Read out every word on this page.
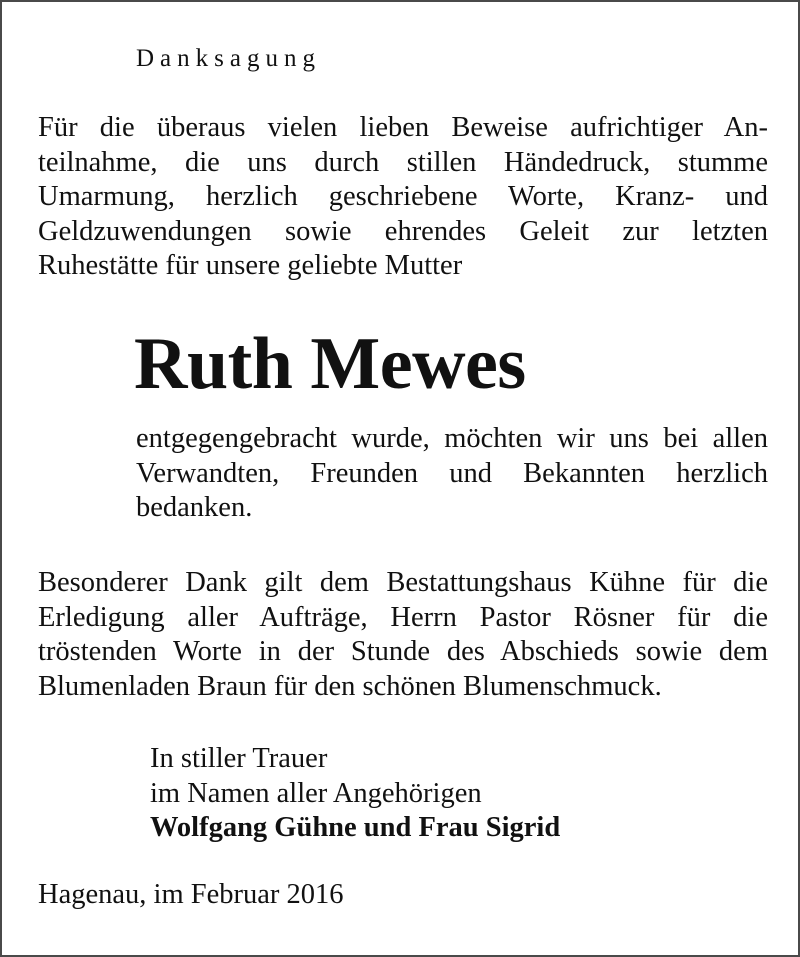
Danksagung
Für die überaus vielen lieben Beweise aufrichtiger An-
teilnahme, die uns durch stillen Händedruck, stumme
Umarmung, herzlich geschriebene Worte, Kranz- und
Geldzuwendungen sowie ehrendes Geleit zur letzten
Ruhestätte für unsere geliebte Mutter
Ruth Mewes
entgegengebracht wurde, möchten wir uns bei allen
Verwandten, Freunden und Bekannten herzlich
bedanken.
Besonderer Dank gilt dem Bestattungshaus Kühne für die
Erledigung aller Aufträge, Herrn Pastor Rösner für die
tröstenden Worte in der Stunde des Abschieds sowie dem
Blumenladen Braun für den schönen Blumenschmuck.
In stiller Trauer
im Namen aller Angehörigen
Wolfgang Gühne und Frau Sigrid
Hagenau, im Februar 2016
